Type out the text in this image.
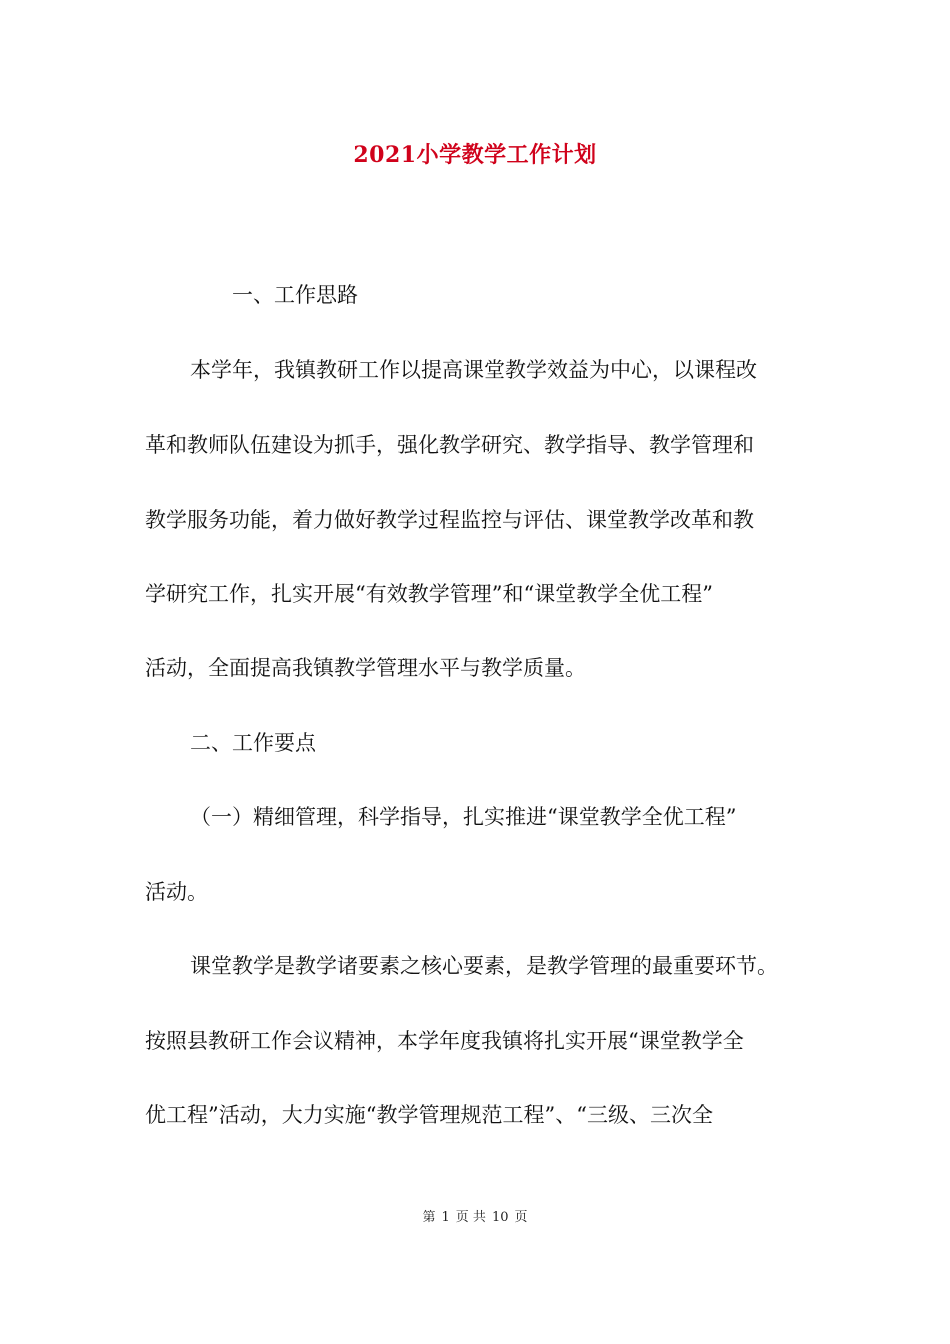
2021小学教学工作计划
一、工作思路
本学年，我镇教研工作以提高课堂教学效益为中心，以课程改
革和教师队伍建设为抓手，强化教学研究、教学指导、教学管理和
教学服务功能，着力做好教学过程监控与评估、课堂教学改革和教
学研究工作，扎实开展“有效教学管理”和“课堂教学全优工程”
活动，全面提高我镇教学管理水平与教学质量。
二、工作要点
（一）精细管理，科学指导，扎实推进“课堂教学全优工程”
活动。
课堂教学是教学诸要素之核心要素，是教学管理的最重要环节。
按照县教研工作会议精神，本学年度我镇将扎实开展“课堂教学全
优工程”活动，大力实施“教学管理规范工程”、“三级、三次全
第 1 页 共 10 页
